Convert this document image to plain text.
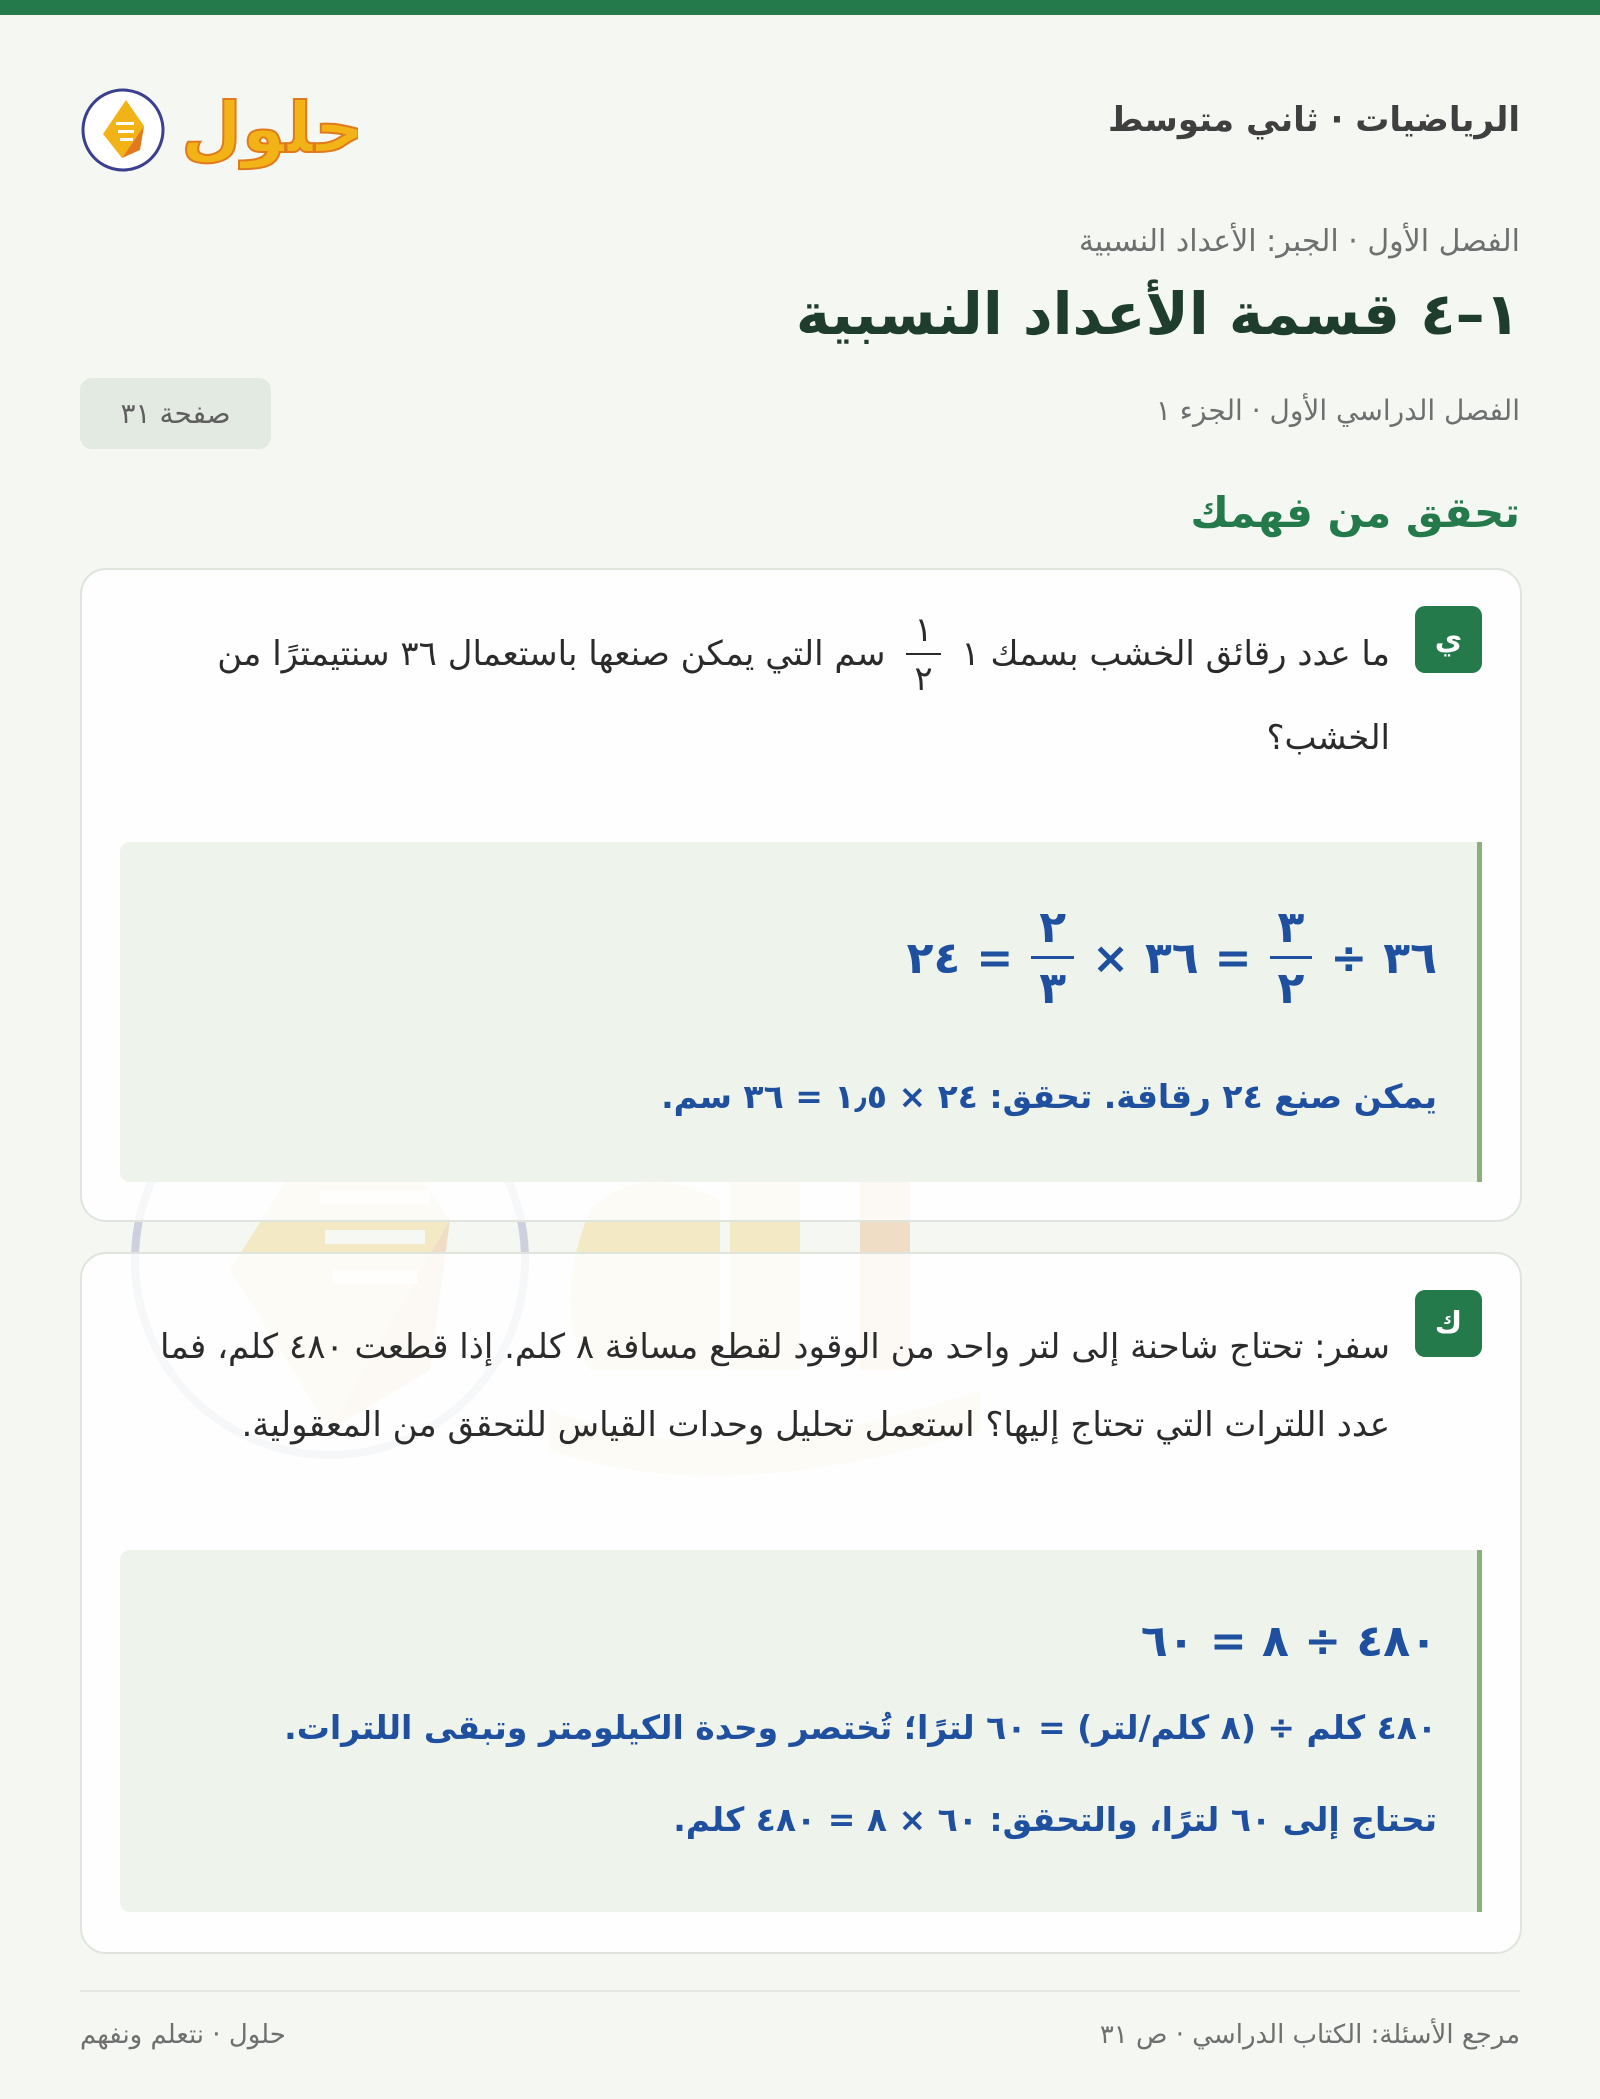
الرياضيات · ثاني متوسط
حلول
الفصل الأول · الجبر: الأعداد النسبية
١–٤ قسمة الأعداد النسبية
الفصل الدراسي الأول · الجزء ١
صفحة ٣١
تحقق من فهمك
ي
ما عدد رقائق الخشب بسمك ١
$\frac{١}{٢}$
سم التي يمكن صنعها باستعمال ٣٦ سنتيمترًا من الخشب؟
٣٦
÷
$\frac{٣}{٢}$
=
٣٦
×
$\frac{٢}{٣}$
=
٢٤
يمكن صنع ٢٤ رقاقة. تحقق: ٢٤ × ١٫٥ = ٣٦ سم.
ك
سفر: تحتاج شاحنة إلى لتر واحد من الوقود لقطع مسافة ٨ كلم. إذا قطعت ٤٨٠ كلم، فما عدد اللترات التي تحتاج إليها؟ استعمل تحليل وحدات القياس للتحقق من المعقولية.
٤٨٠ ÷ ٨ = ٦٠
٤٨٠ كلم ÷ (٨ كلم/لتر) = ٦٠ لترًا؛ تُختصر وحدة الكيلومتر وتبقى اللترات.
تحتاج إلى ٦٠ لترًا، والتحقق: ٦٠ × ٨ = ٤٨٠ كلم.
مرجع الأسئلة: الكتاب الدراسي · ص ٣١
حلول · نتعلم ونفهم
